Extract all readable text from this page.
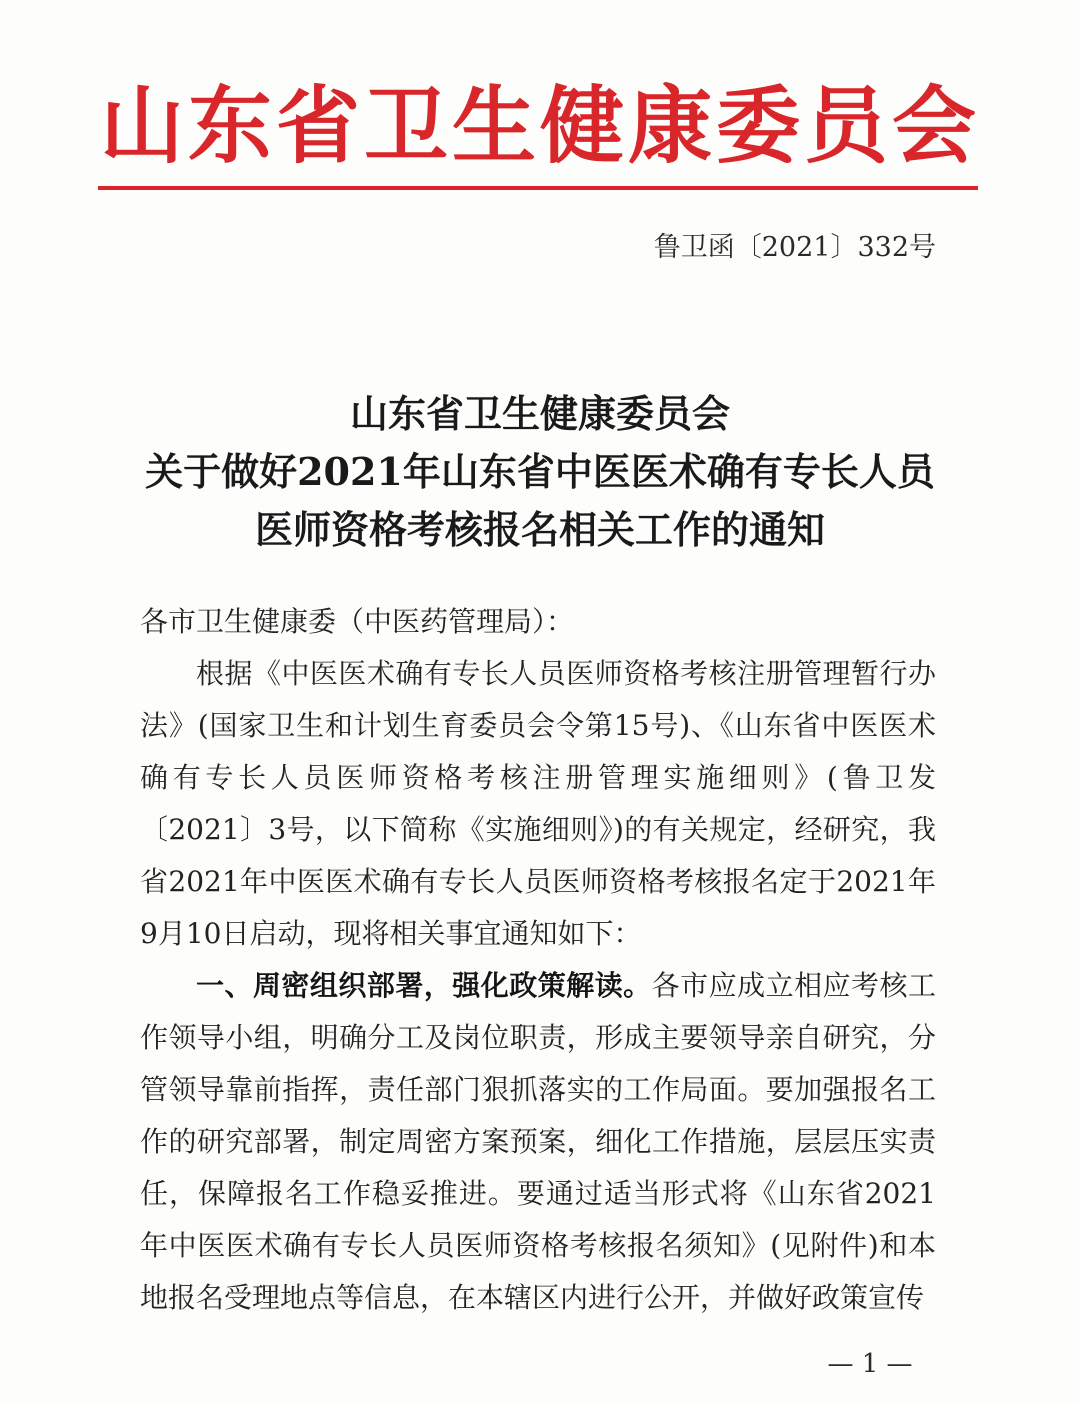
山东省卫生健康委员会
鲁卫函〔2021〕332号
山东省卫生健康委员会
关于做好2021年山东省中医医术确有专长人员
医师资格考核报名相关工作的通知

各市卫生健康委（中医药管理局）：

根据《中医医术确有专长人员医师资格考核注册管理暂行办法》(国家卫生和计划生育委员会令第15号)、《山东省中医医术确有专长人员医师资格考核注册管理实施细则》(鲁卫发〔2021〕3号，以下简称《实施细则》)的有关规定，经研究，我省2021年中医医术确有专长人员医师资格考核报名定于2021年9月10日启动，现将相关事宜通知如下：

一、周密组织部署，强化政策解读。各市应成立相应考核工作领导小组，明确分工及岗位职责，形成主要领导亲自研究，分管领导靠前指挥，责任部门狠抓落实的工作局面。要加强报名工作的研究部署，制定周密方案预案，细化工作措施，层层压实责任，保障报名工作稳妥推进。要通过适当形式将《山东省2021年中医医术确有专长人员医师资格考核报名须知》(见附件)和本地报名受理地点等信息，在本辖区内进行公开，并做好政策宣传

— 1 —
